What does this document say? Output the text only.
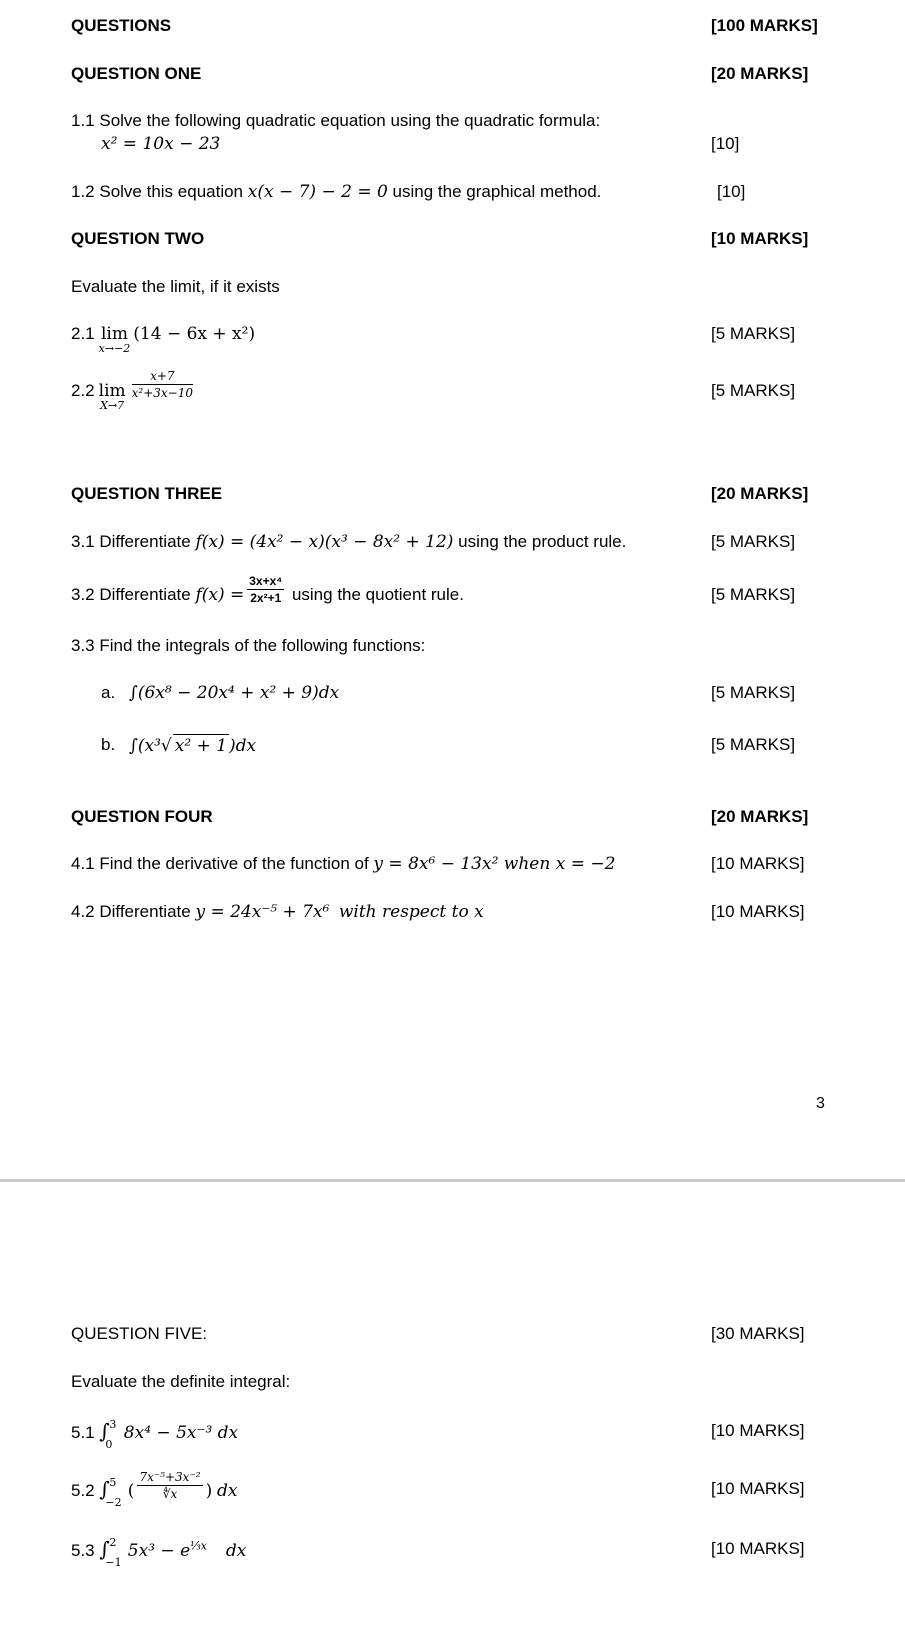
QUESTIONS	[100 MARKS]
QUESTION ONE	[20 MARKS]
1.1 Solve the following quadratic equation using the quadratic formula:
x² = 10x − 23	[10]
1.2 Solve this equation x(x − 7) − 2 = 0 using the graphical method.	[10]
QUESTION TWO	[10 MARKS]
Evaluate the limit, if it exists
2.1 lim
x→−2
(14 − 6x + x²)	[5 MARKS]
2.2 lim
X→7
$\frac{x+7}{\text{x²+3x−10}}$	[5 MARKS]
QUESTION THREE	[20 MARKS]
3.1 Differentiate f(x) = (4x² − x)(x³ − 8x² + 12) using the product rule.	[5 MARKS]
3.2 Differentiate $f(x) = \frac{\text{3x+x⁴}}{\text{2x²+1}}$ using the quotient rule.	[5 MARKS]
3.3 Find the integrals of the following functions:
a. ∫(6x⁸ − 20x⁴ + x² + 9)dx	[5 MARKS]
b. ∫(x³√ x² + 1 )dx	[5 MARKS]
QUESTION FOUR	[20 MARKS]
4.1 Find the derivative of the function of y = 8x⁶ − 13x² when x = −2	[10 MARKS]
4.2 Differentiate y = 24x⁻⁵ + 7x⁶ with respect to x	[10 MARKS]
3
QUESTION FIVE:	[30 MARKS]
Evaluate the definite integral:
5.1 ∫ 3
0
8x⁴ − 5x⁻³ dx	[10 MARKS]
5.2 ∫ 5
−2
( $\frac{\text{7x⁻⁵+3x⁻²}}{∜x}$ ) dx	[10 MARKS]
5.3 ∫ 2
−1
$5x^3 - e^{\frac{1}{3}x}$ dx	[10 MARKS]
